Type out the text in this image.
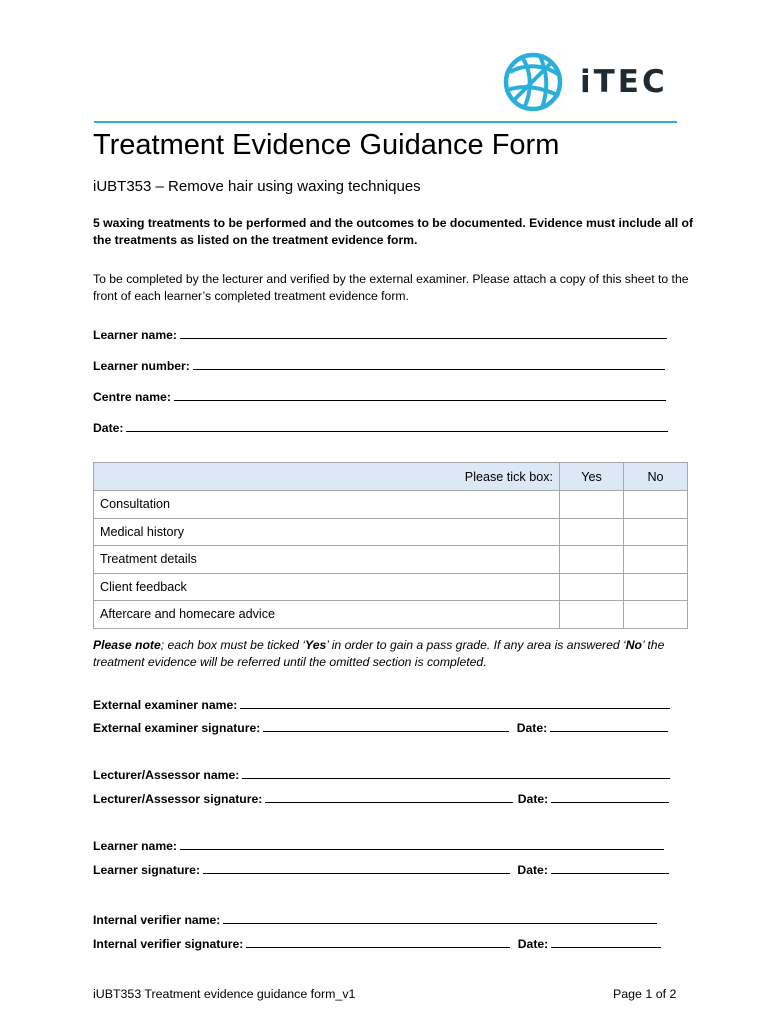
iTEC
Treatment Evidence Guidance Form
iUBT353 – Remove hair using waxing techniques
5 waxing treatments to be performed and the outcomes to be documented. Evidence must include all of the treatments as listed on the treatment evidence form.
To be completed by the lecturer and verified by the external examiner. Please attach a copy of this sheet to the front of each learner’s completed treatment evidence form.
Learner name:
Learner number:
Centre name:
Date:
Please tick box:	Yes	No
Consultation		
Medical history		
Treatment details		
Client feedback		
Aftercare and homecare advice		
Please note; each box must be ticked ‘Yes’ in order to gain a pass grade. If any area is answered ‘No’ the treatment evidence will be referred until the omitted section is completed.
External examiner name:
External examiner signature:	Date:
Lecturer/Assessor name:
Lecturer/Assessor signature:	Date:
Learner name:
Learner signature:	Date:
Internal verifier name:
Internal verifier signature:	Date:
iUBT353 Treatment evidence guidance form_v1	Page 1 of 2
